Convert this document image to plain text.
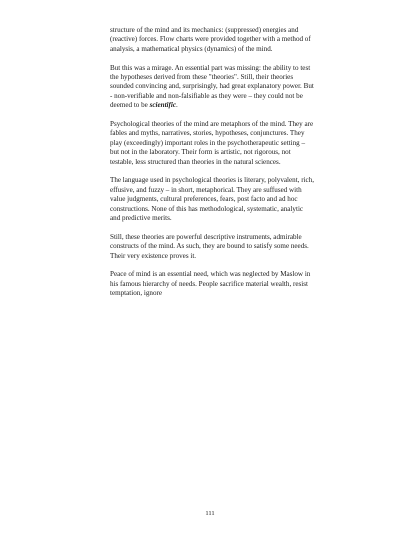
structure of the mind and its mechanics: (suppressed) energies and (reactive) forces. Flow charts were provided together with a method of analysis, a mathematical physics (dynamics) of the mind.

But this was a mirage. An essential part was missing: the ability to test the hypotheses derived from these "theories". Still, their theories sounded convincing and, surprisingly, had great explanatory power. But - non-verifiable and non-falsifiable as they were – they could not be deemed to be scientific.

Psychological theories of the mind are metaphors of the mind. They are fables and myths, narratives, stories, hypotheses, conjunctures. They play (exceedingly) important roles in the psychotherapeutic setting – but not in the laboratory. Their form is artistic, not rigorous, not testable, less structured than theories in the natural sciences.

The language used in psychological theories is literary, polyvalent, rich, effusive, and fuzzy – in short, metaphorical. They are suffused with value judgments, cultural preferences, fears, post facto and ad hoc constructions. None of this has methodological, systematic, analytic and predictive merits.

Still, these theories are powerful descriptive instruments, admirable constructs of the mind. As such, they are bound to satisfy some needs. Their very existence proves it.

Peace of mind is an essential need, which was neglected by Maslow in his famous hierarchy of needs. People sacrifice material wealth, resist temptation, ignore

111
